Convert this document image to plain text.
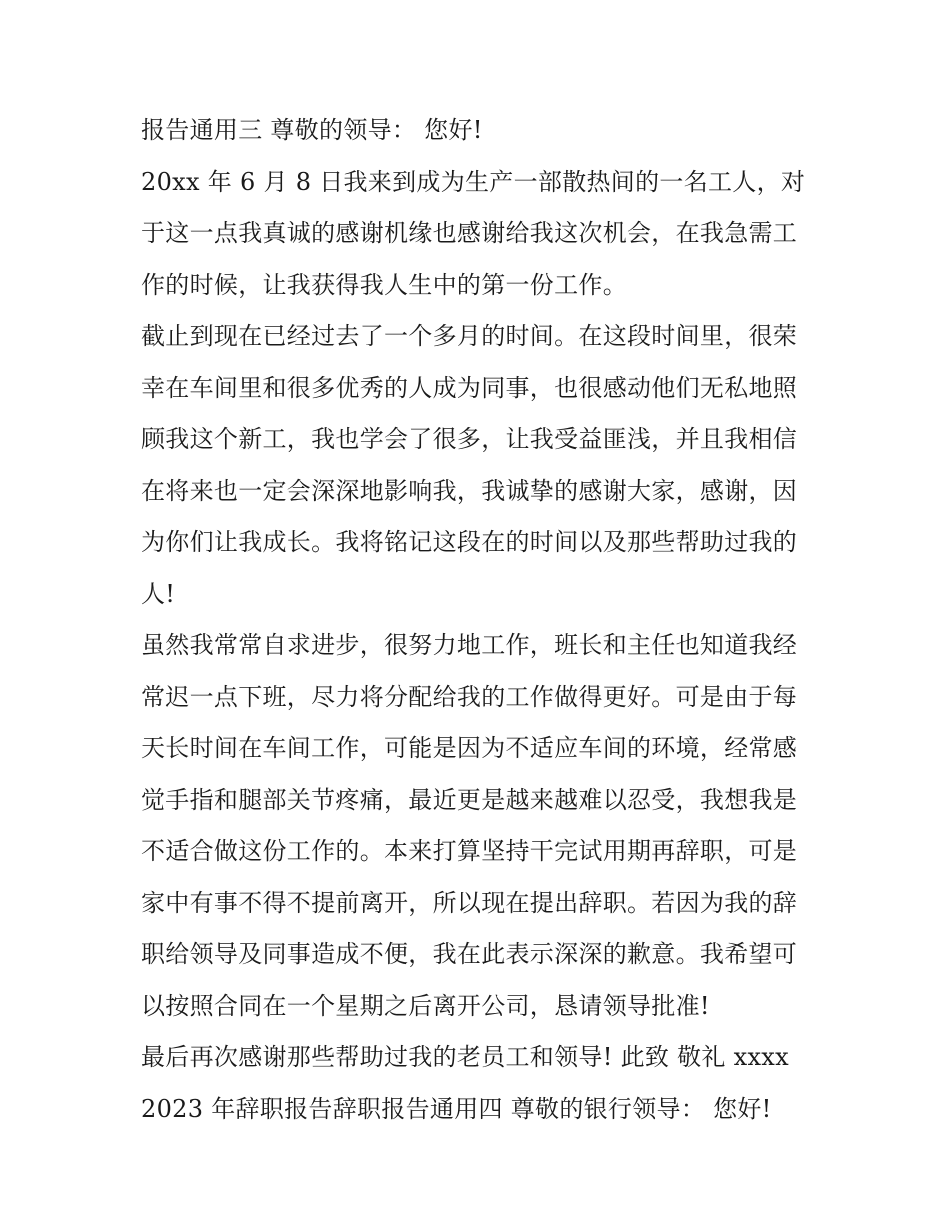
报告通用三 尊敬的领导： 您好!

20xx 年 6 月 8 日我来到成为生产一部散热间的一名工人，对于这一点我真诚的感谢机缘也感谢给我这次机会，在我急需工作的时候，让我获得我人生中的第一份工作。

截止到现在已经过去了一个多月的时间。在这段时间里，很荣幸在车间里和很多优秀的人成为同事，也很感动他们无私地照顾我这个新工，我也学会了很多，让我受益匪浅，并且我相信在将来也一定会深深地影响我，我诚挚的感谢大家，感谢，因为你们让我成长。我将铭记这段在的时间以及那些帮助过我的人!

虽然我常常自求进步，很努力地工作，班长和主任也知道我经常迟一点下班，尽力将分配给我的工作做得更好。可是由于每天长时间在车间工作，可能是因为不适应车间的环境，经常感觉手指和腿部关节疼痛，最近更是越来越难以忍受，我想我是不适合做这份工作的。本来打算坚持干完试用期再辞职，可是家中有事不得不提前离开，所以现在提出辞职。若因为我的辞职给领导及同事造成不便，我在此表示深深的歉意。我希望可以按照合同在一个星期之后离开公司，恳请领导批准!

最后再次感谢那些帮助过我的老员工和领导! 此致 敬礼 xxxx

2023 年辞职报告辞职报告通用四 尊敬的银行领导： 您好!
